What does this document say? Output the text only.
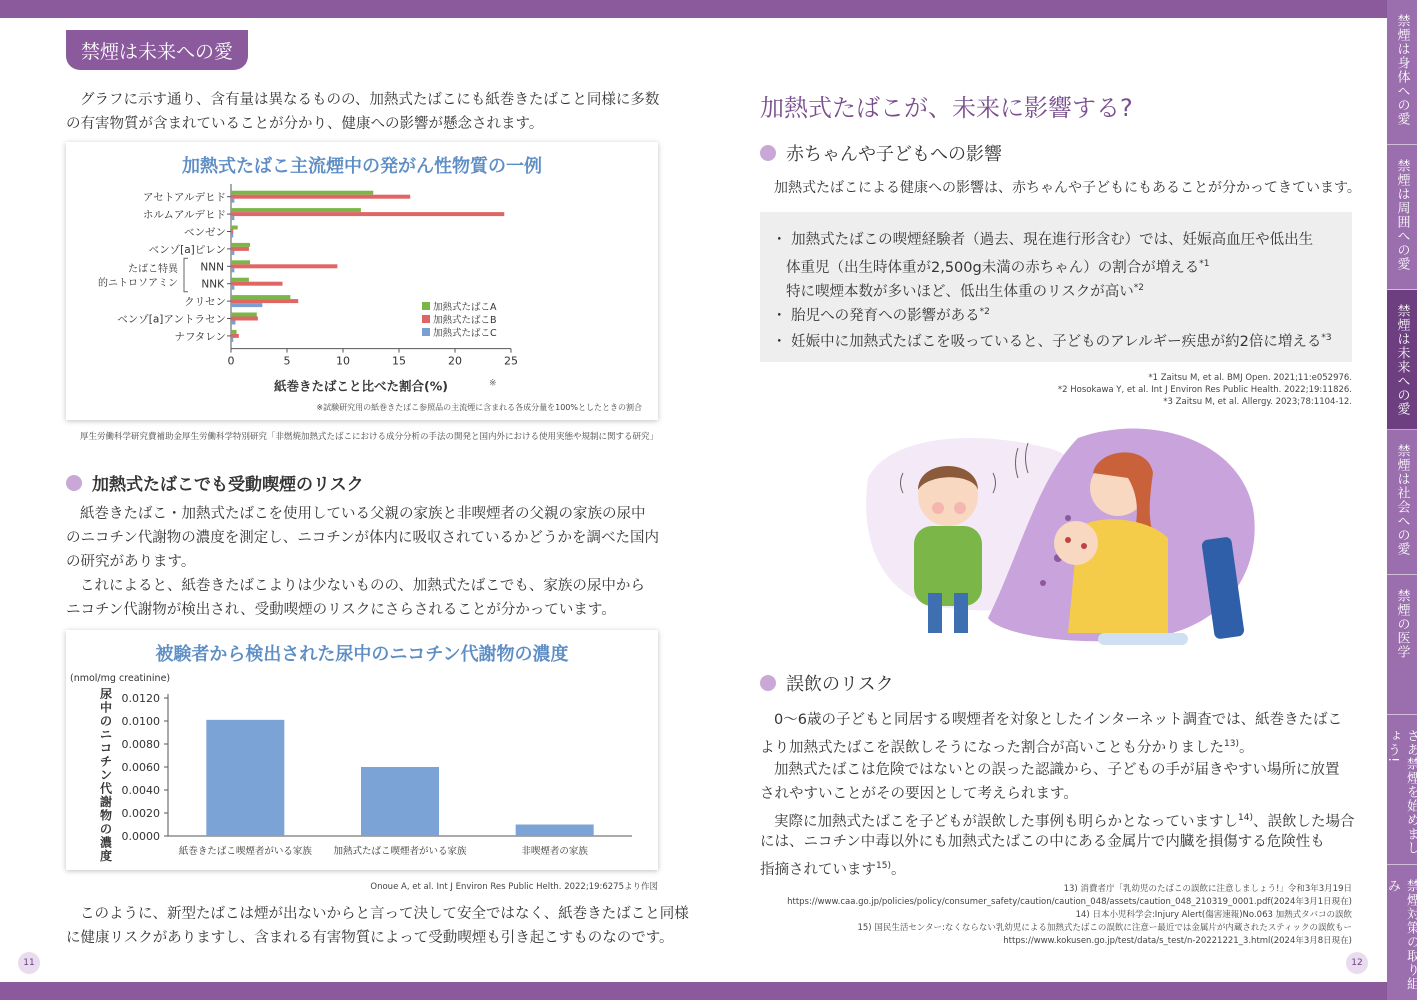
禁煙は身体への愛
禁煙は周囲への愛
禁煙は未来への愛
禁煙は社会への愛
禁煙の医学
さあ禁煙を始めましょう!
禁煙対策の取り組み
禁煙は未来への愛
グラフに示す通り、含有量は異なるものの、加熱式たばこにも紙巻きたばこと同様に多数
の有害物質が含まれていることが分かり、健康への影響が懸念されます。
加熱式たばこ主流煙中の発がん性物質の一例
アセトアルデヒド
ホルムアルデヒド
ベンゼン
ベンゾ[a]ピレン
NNN
NNK
クリセン
ベンゾ[a]アントラセン
ナフタレン
たばこ特異
的ニトロソアミン
0	5	10	15	20	25
紙巻きたばこと比べた割合(%)	※
※試験研究用の紙巻きたばこ参照品の主流煙に含まれる各成分量を100%としたときの割合
加熱式たばこA
加熱式たばこB
加熱式たばこC
厚生労働科学研究費補助金厚生労働科学特別研究「非燃焼加熱式たばこにおける成分分析の手法の開発と国内外における使用実態や規制に関する研究」
加熱式たばこでも受動喫煙のリスク
紙巻きたばこ・加熱式たばこを使用している父親の家族と非喫煙者の父親の家族の尿中
のニコチン代謝物の濃度を測定し、ニコチンが体内に吸収されているかどうかを調べた国内
の研究があります。
これによると、紙巻きたばこよりは少ないものの、加熱式たばこでも、家族の尿中から
ニコチン代謝物が検出され、受動喫煙のリスクにさらされることが分かっています。
被験者から検出された尿中のニコチン代謝物の濃度
(nmol/mg creatinine)
尿
中
の
ニ
コ
チ
ン
代
謝
物
の
濃
度
0.0000
0.0020
0.0040
0.0060
0.0080
0.0100
0.0120
紙巻きたばこ喫煙者がいる家族 加熱式たばこ喫煙者がいる家族	非喫煙者の家族
Onoue A, et al. Int J Environ Res Public Helth. 2022;19:6275より作図
このように、新型たばこは煙が出ないからと言って決して安全ではなく、紙巻きたばこと同様
に健康リスクがありますし、含まれる有害物質によって受動喫煙も引き起こすものなのです。
11
加熱式たばこが、未来に影響する?
赤ちゃんや子どもへの影響
加熱式たばこによる健康への影響は、赤ちゃんや子どもにもあることが分かってきています。
・ 加熱式たばこの喫煙経験者（過去、現在進行形含む）では、妊娠高血圧や低出生
体重児（出生時体重が2,500g未満の赤ちゃん）の割合が増える$^{*1}$
特に喫煙本数が多いほど、低出生体重のリスクが高い$^{*2}$
・ 胎児への発育への影響がある$^{*2}$
・ 妊娠中に加熱式たばこを吸っていると、子どものアレルギー疾患が約2倍に増える$^{*3}$
*1 Zaitsu M, et al. BMJ Open. 2021;11:e052976.
*2 Hosokawa Y, et al. Int J Environ Res Public Health. 2022;19:11826.
*3 Zaitsu M, et al. Allergy. 2023;78:1104-12.
誤飲のリスク
0〜6歳の子どもと同居する喫煙者を対象としたインターネット調査では、紙巻きたばこ
より加熱式たばこを誤飲しそうになった割合が高いことも分かりました$^{13)}$。
加熱式たばこは危険ではないとの誤った認識から、子どもの手が届きやすい場所に放置
されやすいことがその要因として考えられます。
実際に加熱式たばこを子どもが誤飲した事例も明らかとなっていますし$^{14)}$、誤飲した場合
には、ニコチン中毒以外にも加熱式たばこの中にある金属片で内臓を損傷する危険性も
指摘されています$^{15)}$。
13) 消費者庁「乳幼児のたばこの誤飲に注意しましょう!」令和3年3月19日
https://www.caa.go.jp/policies/policy/consumer_safety/caution/caution_048/assets/caution_048_210319_0001.pdf(2024年3月1日現在)
14) 日本小児科学会:Injury Alert(傷害速報)No.063 加熱式タバコの誤飲
15) 国民生活センター:なくならない乳幼児による加熱式たばこの誤飲に注意ー最近では金属片が内蔵されたスティックの誤飲もー
https://www.kokusen.go.jp/test/data/s_test/n-20221221_3.html(2024年3月8日現在)
12
